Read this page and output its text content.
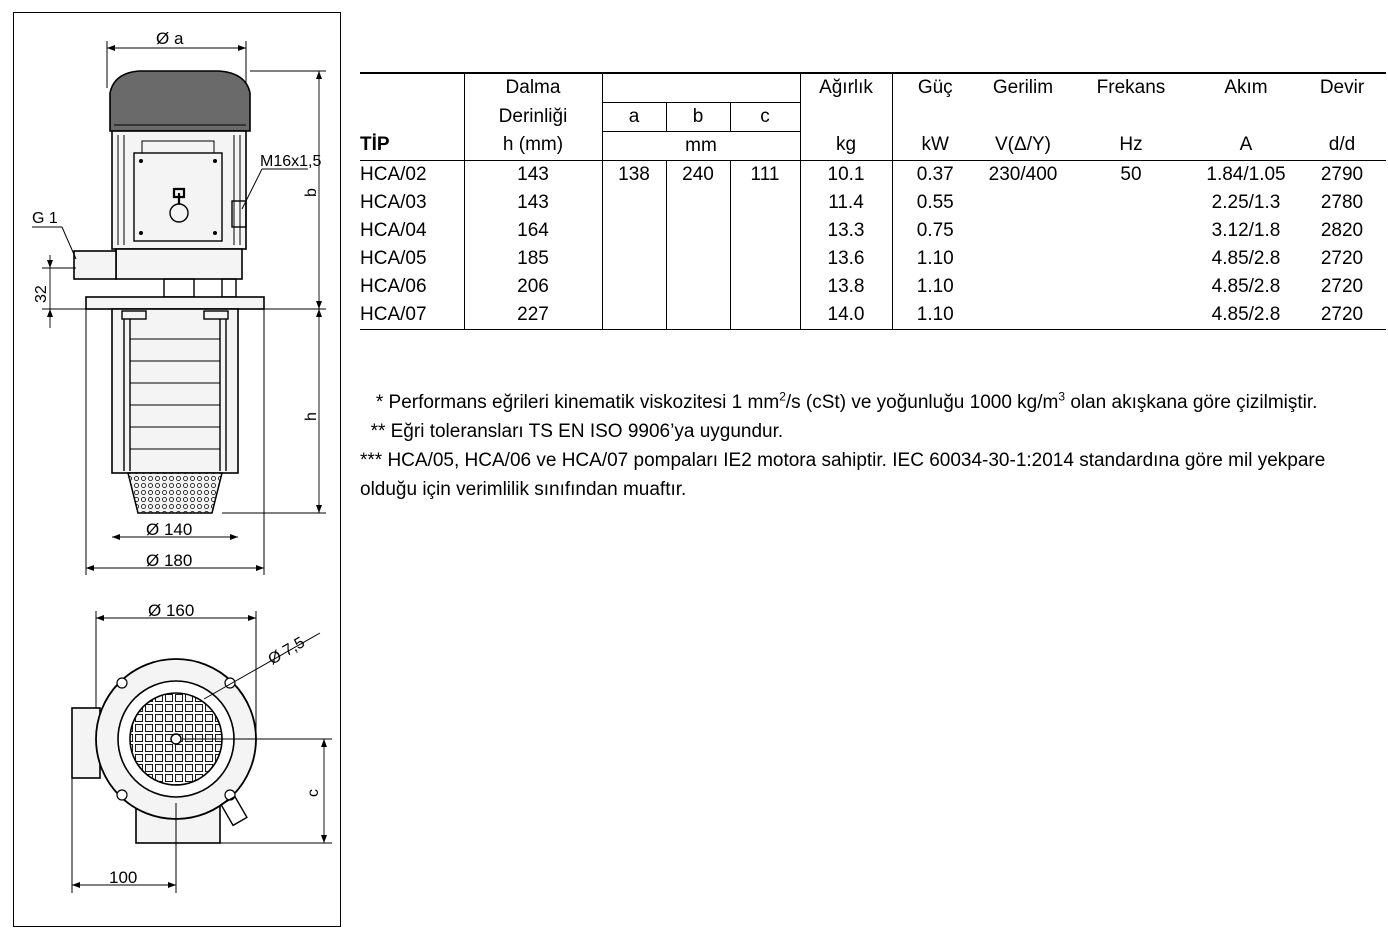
Ø a
M16x1,5
G 1
32
b
h
Ø 140
Ø 180
Ø 160
Ø 7,5
c
100
	Dalma				Ağırlık	Güç	Gerilim	Frekans	Akım	Devir
	Derinliği	a	b	c						
TİP	h (mm)	mm			kg	kW	V(Δ/Y)	Hz	A	d/d
HCA/02	143	138	240	111	10.1	0.37	230/400	50	1.84/1.05	2790
HCA/03	143				11.4	0.55			2.25/1.3	2780
HCA/04	164				13.3	0.75			3.12/1.8	2820
HCA/05	185				13.6	1.10			4.85/2.8	2720
HCA/06	206				13.8	1.10			4.85/2.8	2720
HCA/07	227				14.0	1.10			4.85/2.8	2720

* Performans eğrileri kinematik viskozitesi 1 $mm^2/s$ (cSt) ve yoğunluğu 1000 $kg/m^3$ olan akışkana göre çizilmiştir.

** Eğri toleransları TS EN ISO 9906’ya uygundur.

*** HCA/05, HCA/06 ve HCA/07 pompaları IE2 motora sahiptir. IEC 60034-30-1:2014 standardına göre mil yekpare olduğu için verimlilik sınıfından muaftır.
